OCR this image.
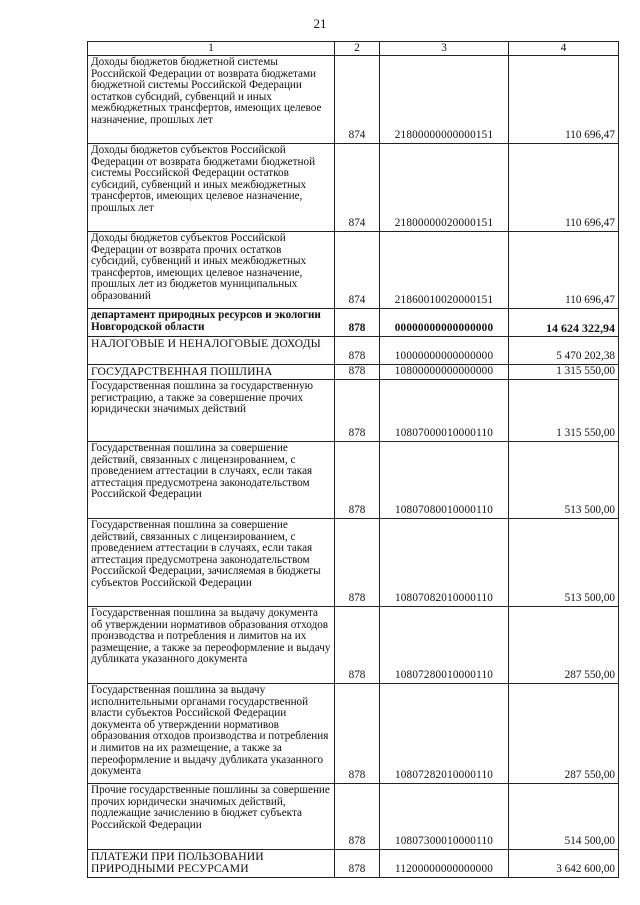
21
1	2	3	4
Доходы бюджетов бюджетной системы Российской Федерации от возврата бюджетами бюджетной системы Российской Федерации остатков субсидий, субвенций и иных межбюджетных трансфертов, имеющих целевое назначение, прошлых лет	874	21800000000000151	110 696,47
Доходы бюджетов субъектов Российской Федерации от возврата бюджетами бюджетной системы Российской Федерации остатков субсидий, субвенций и иных межбюджетных трансфертов, имеющих целевое назначение, прошлых лет	874	21800000020000151	110 696,47
Доходы бюджетов субъектов Российской Федерации от возврата прочих остатков субсидий, субвенций и иных межбюджетных трансфертов, имеющих целевое назначение, прошлых лет из бюджетов муниципальных образований	874	21860010020000151	110 696,47
департамент природных ресурсов и экологии Новгородской области	878	00000000000000000	14 624 322,94
НАЛОГОВЫЕ И НЕНАЛОГОВЫЕ ДОХОДЫ	878	10000000000000000	5 470 202,38
ГОСУДАРСТВЕННАЯ ПОШЛИНА	878	10800000000000000	1 315 550,00
Государственная пошлина за государственную регистрацию, а также за совершение прочих юридически значимых действий	878	10807000010000110	1 315 550,00
Государственная пошлина за совершение действий, связанных с лицензированием, с проведением аттестации в случаях, если такая аттестация предусмотрена законодательством Российской Федерации	878	10807080010000110	513 500,00
Государственная пошлина за совершение действий, связанных с лицензированием, с проведением аттестации в случаях, если такая аттестация предусмотрена законодательством Российской Федерации, зачисляемая в бюджеты субъектов Российской Федерации	878	10807082010000110	513 500,00
Государственная пошлина за выдачу документа об утверждении нормативов образования отходов производства и потребления и лимитов на их размещение, а также за переоформление и выдачу дубликата указанного документа	878	10807280010000110	287 550,00
Государственная пошлина за выдачу исполнительными органами государственной власти субъектов Российской Федерации документа об утверждении нормативов образования отходов производства и потребления и лимитов на их размещение, а также за переоформление и выдачу дубликата указанного документа	878	10807282010000110	287 550,00
Прочие государственные пошлины за совершение прочих юридически значимых действий, подлежащие зачислению в бюджет субъекта Российской Федерации	878	10807300010000110	514 500,00
ПЛАТЕЖИ ПРИ ПОЛЬЗОВАНИИ ПРИРОДНЫМИ РЕСУРСАМИ	878	11200000000000000	3 642 600,00
